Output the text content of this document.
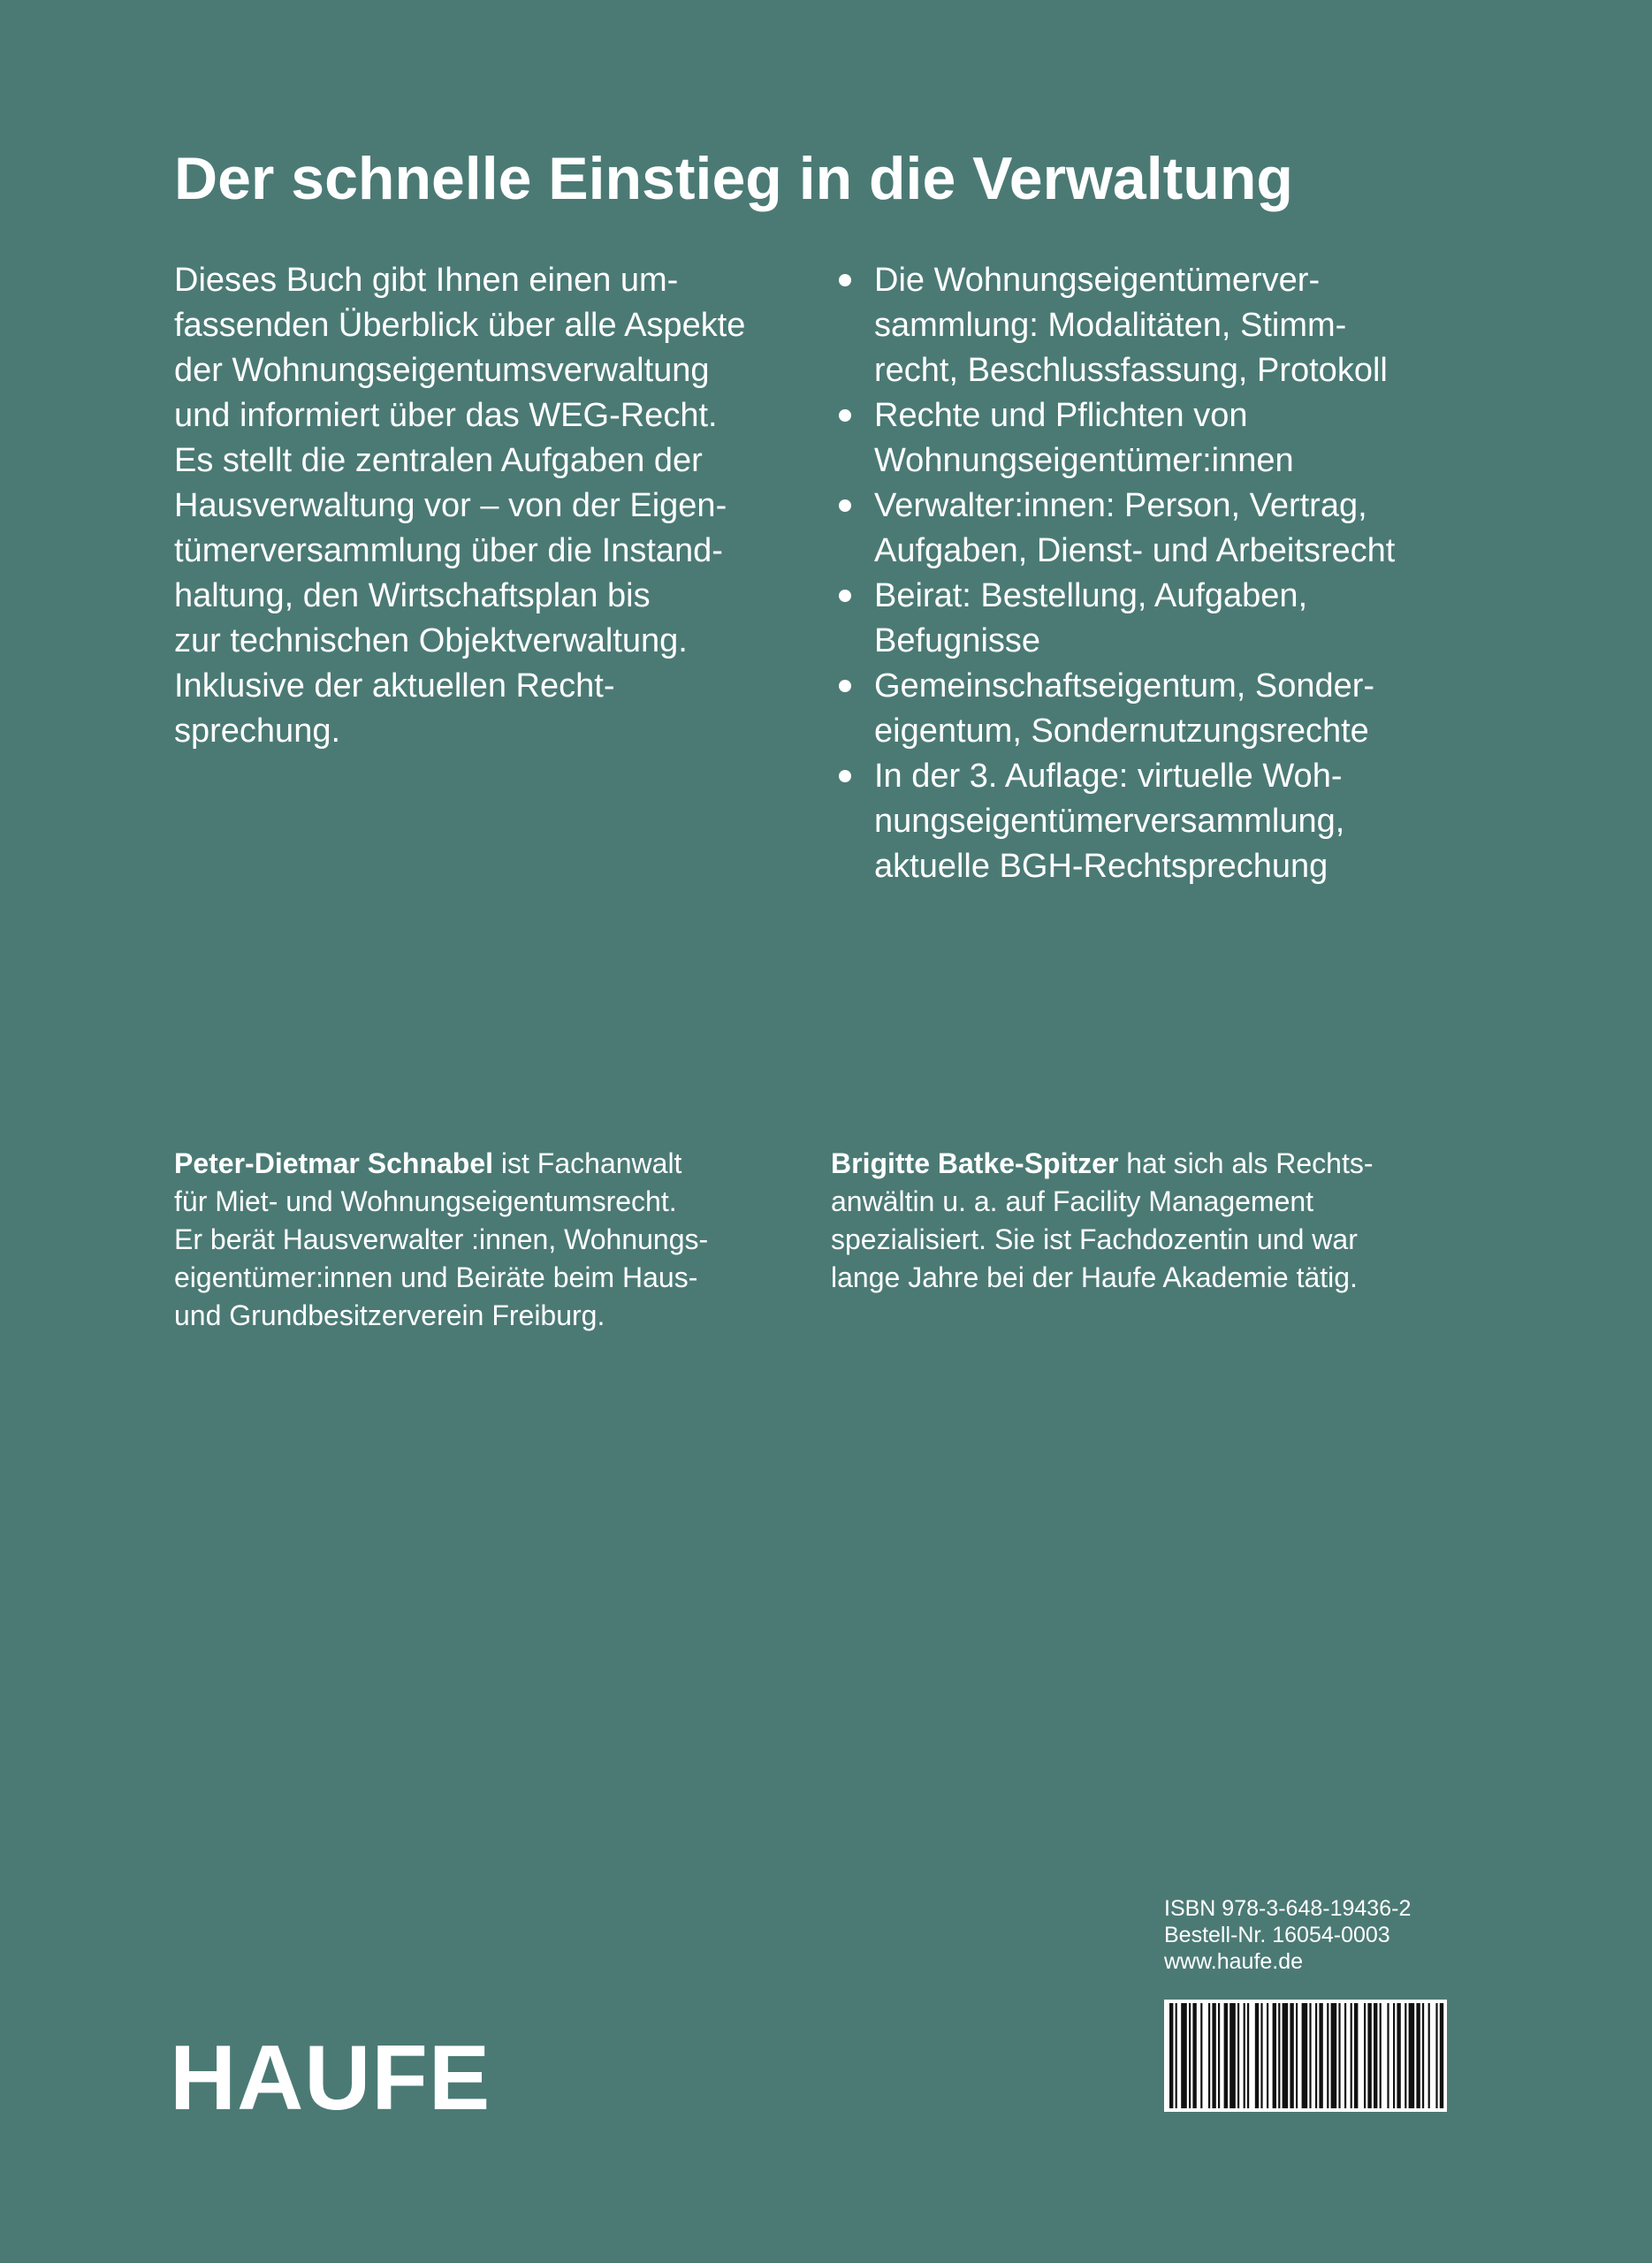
Der schnelle Einstieg in die Verwaltung
Dieses Buch gibt Ihnen einen um-
fassenden Überblick über alle Aspekte
der Wohnungseigentumsverwaltung
und informiert über das WEG-Recht.
Es stellt die zentralen Aufgaben der
Hausverwaltung vor – von der Eigen-
tümerversammlung über die Instand-
haltung, den Wirtschaftsplan bis
zur technischen Objektverwaltung.
Inklusive der aktuellen Recht-
sprechung.
Die Wohnungseigentümerver-
sammlung: Modalitäten, Stimm-
recht, Beschlussfassung, Protokoll
Rechte und Pflichten von
Wohnungseigentümer:innen
Verwalter:innen: Person, Vertrag,
Aufgaben, Dienst- und Arbeitsrecht
Beirat: Bestellung, Aufgaben,
Befugnisse
Gemeinschaftseigentum, Sonder-
eigentum, Sondernutzungsrechte
In der 3. Auflage: virtuelle Woh-
nungseigentümerversammlung,
aktuelle BGH-Rechtsprechung
Peter-Dietmar Schnabel ist Fachanwalt
für Miet- und Wohnungseigentumsrecht.
Er berät Hausverwalter :innen, Wohnungs-
eigentümer:innen und Beiräte beim Haus-
und Grundbesitzerverein Freiburg.
Brigitte Batke-Spitzer hat sich als Rechts-
anwältin u. a. auf Facility Management
spezialisiert. Sie ist Fachdozentin und war
lange Jahre bei der Haufe Akademie tätig.
ISBN 978-3-648-19436-2
Bestell-Nr. 16054-0003
www.haufe.de
HAUFE
